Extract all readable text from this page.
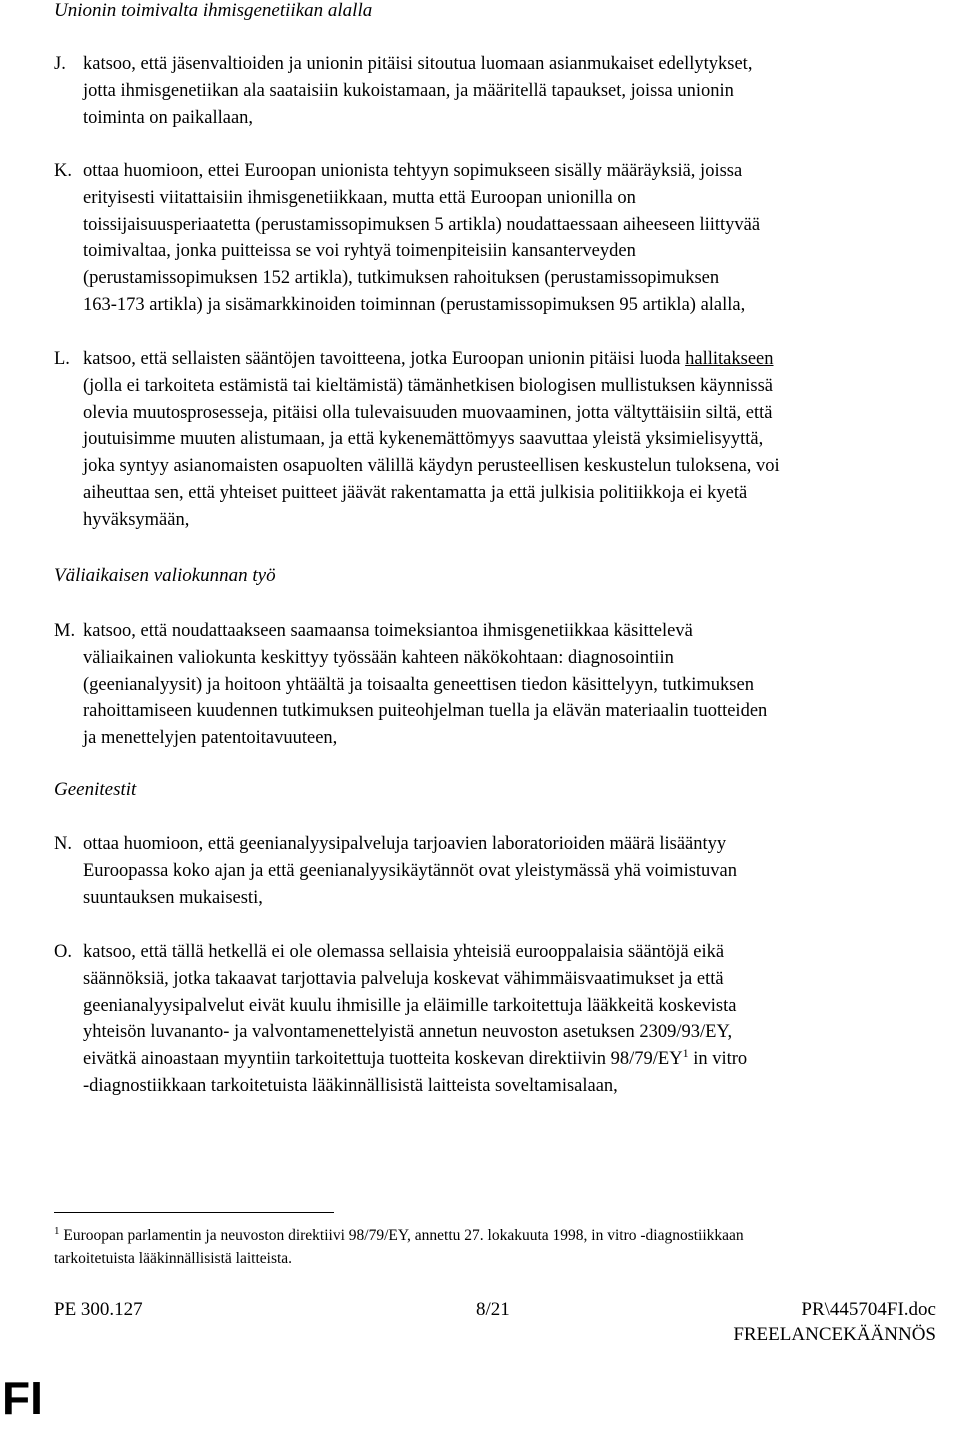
Unionin toimivalta ihmisgenetiikan alalla

J. katsoo, että jäsenvaltioiden ja unionin pitäisi sitoutua luomaan asianmukaiset edellytykset,
jotta ihmisgenetiikan ala saataisiin kukoistamaan, ja määritellä tapaukset, joissa unionin
toiminta on paikallaan,
K. ottaa huomioon, ettei Euroopan unionista tehtyyn sopimukseen sisälly määräyksiä, joissa
erityisesti viitattaisiin ihmisgenetiikkaan, mutta että Euroopan unionilla on
toissijaisuusperiaatetta (perustamissopimuksen 5 artikla) noudattaessaan aiheeseen liittyvää
toimivaltaa, jonka puitteissa se voi ryhtyä toimenpiteisiin kansanterveyden
(perustamissopimuksen 152 artikla), tutkimuksen rahoituksen (perustamissopimuksen
163-173 artikla) ja sisämarkkinoiden toiminnan (perustamissopimuksen 95 artikla) alalla,
L. katsoo, että sellaisten sääntöjen tavoitteena, jotka Euroopan unionin pitäisi luoda hallitakseen
(jolla ei tarkoiteta estämistä tai kieltämistä) tämänhetkisen biologisen mullistuksen käynnissä
olevia muutosprosesseja, pitäisi olla tulevaisuuden muovaaminen, jotta vältyttäisiin siltä, että
joutuisimme muuten alistumaan, ja että kykenemättömyys saavuttaa yleistä yksimielisyyttä,
joka syntyy asianomaisten osapuolten välillä käydyn perusteellisen keskustelun tuloksena, voi
aiheuttaa sen, että yhteiset puitteet jäävät rakentamatta ja että julkisia politiikkoja ei kyetä
hyväksymään,

Väliaikaisen valiokunnan työ

M. katsoo, että noudattaakseen saamaansa toimeksiantoa ihmisgenetiikkaa käsittelevä
väliaikainen valiokunta keskittyy työssään kahteen näkökohtaan: diagnosointiin
(geenianalyysit) ja hoitoon yhtäältä ja toisaalta geneettisen tiedon käsittelyyn, tutkimuksen
rahoittamiseen kuudennen tutkimuksen puiteohjelman tuella ja elävän materiaalin tuotteiden
ja menettelyjen patentoitavuuteen,

Geenitestit

N. ottaa huomioon, että geenianalyysipalveluja tarjoavien laboratorioiden määrä lisääntyy
Euroopassa koko ajan ja että geenianalyysikäytännöt ovat yleistymässä yhä voimistuvan
suuntauksen mukaisesti,
O. katsoo, että tällä hetkellä ei ole olemassa sellaisia yhteisiä eurooppalaisia sääntöjä eikä
säännöksiä, jotka takaavat tarjottavia palveluja koskevat vähimmäisvaatimukset ja että
geenianalyysipalvelut eivät kuulu ihmisille ja eläimille tarkoitettuja lääkkeitä koskevista
yhteisön luvananto- ja valvontamenettelyistä annetun neuvoston asetuksen 2309/93/EY,
eivätkä ainoastaan myyntiin tarkoitettuja tuotteita koskevan direktiivin 98/79/EY$^1$ in vitro
-diagnostiikkaan tarkoitetuista lääkinnällisistä laitteista soveltamisalaan,
$^1$ Euroopan parlamentin ja neuvoston direktiivi 98/79/EY, annettu 27. lokakuuta 1998, in vitro -diagnostiikkaan
tarkoitetuista lääkinnällisistä laitteista.
PE 300.127	8/21	PR\445704FI.doc
FREELANCEKÄÄNNÖS
FI
